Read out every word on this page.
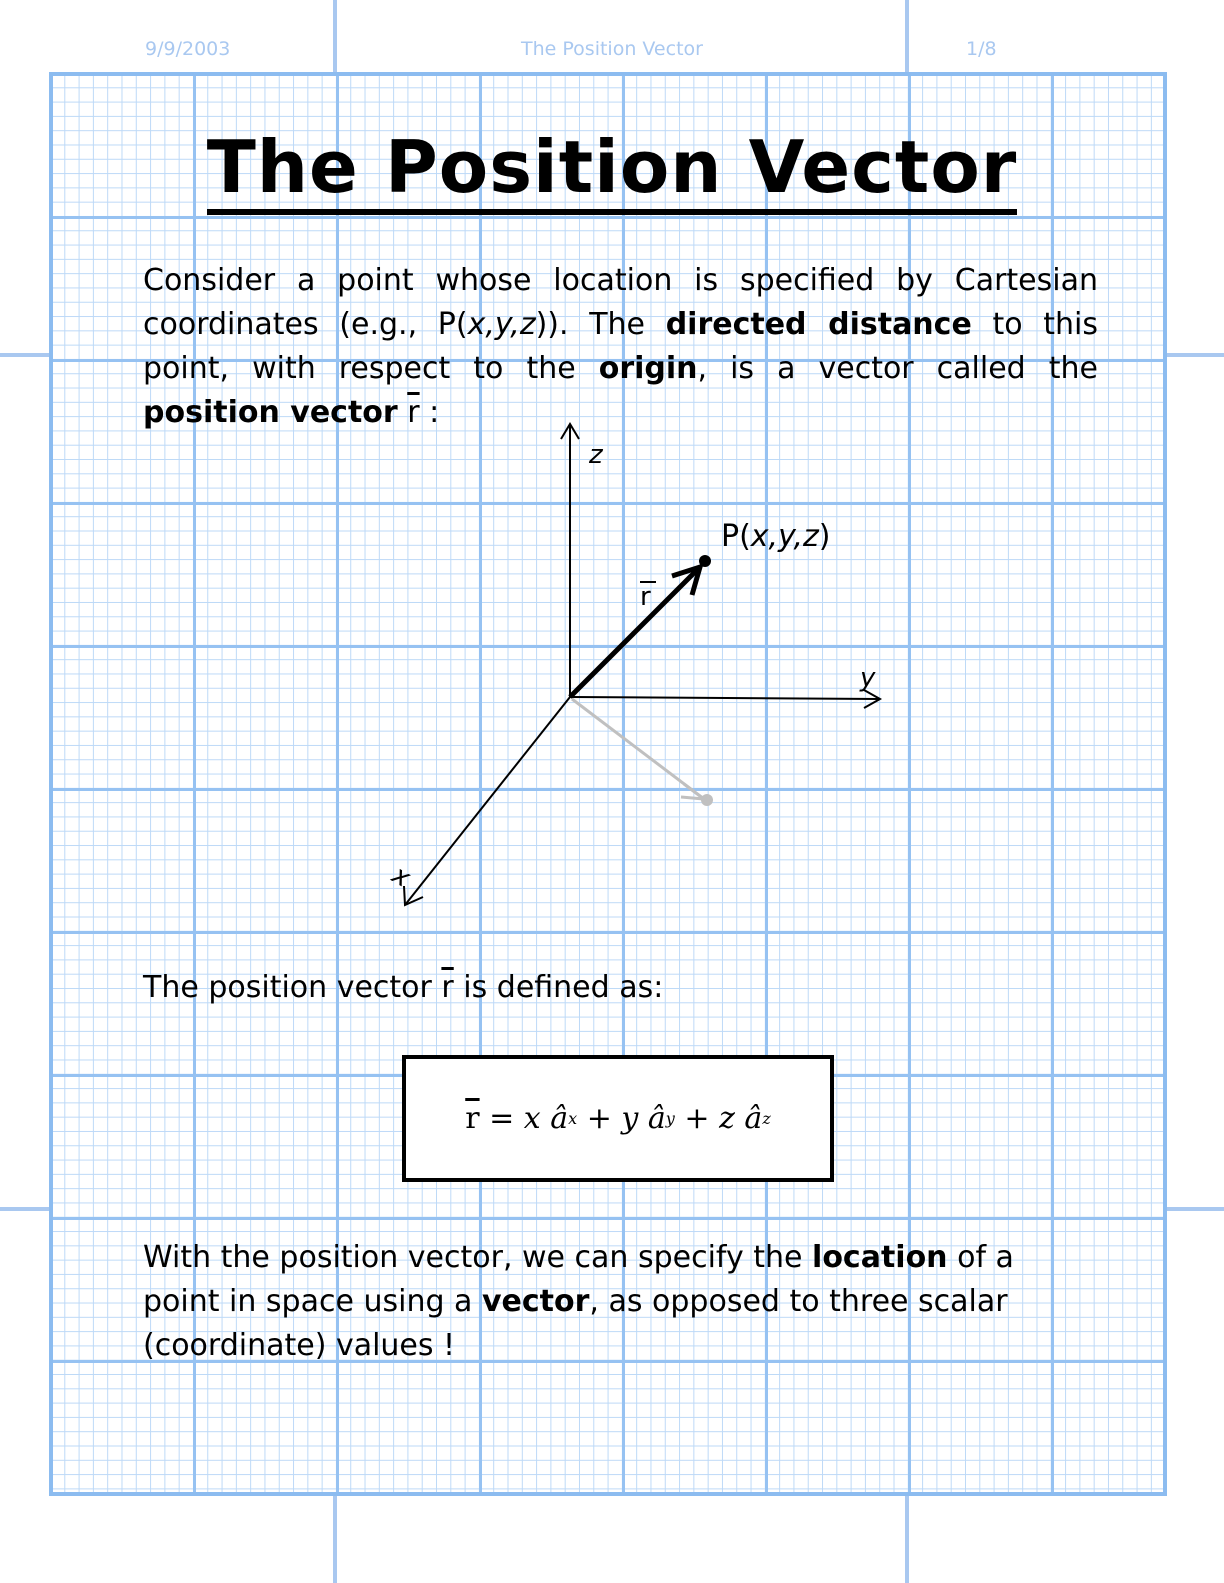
9/9/2003	The Position Vector	1/8
The Position Vector
Consider a point whose location is specified by Cartesian coordinates (e.g., P(x,y,z)). The directed distance to this point, with respect to the origin, is a vector called the position vector $\overline{r}$ :
z
y
x
P(x,y,z)
r
The position vector $\overline{r}$ is defined as:
$\overline{r} = x$
â x + y
â y + z
â z
With the position vector, we can specify the location of a point in space using a vector, as opposed to three scalar (coordinate) values !
